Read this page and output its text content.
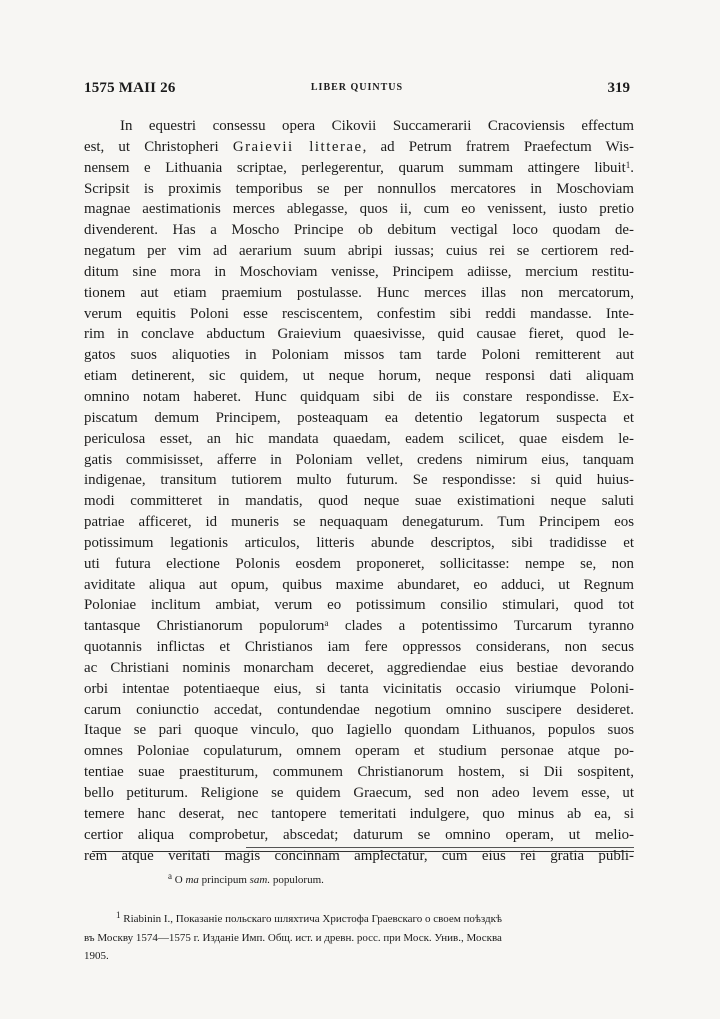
1575 MAII 26	LIBER QUINTUS	319
In equestri consessu opera Cikovii Succamerarii Cracoviensis effectum
est, ut Christopheri Graievii litterae, ad Petrum fratrem Praefectum Wis-
nensem e Lithuania scriptae, perlegerentur, quarum summam attingere libuit$^1$.
Scripsit is proximis temporibus se per nonnullos mercatores in Moschoviam
magnae aestimationis merces ablegasse, quos ii, cum eo venissent, iusto pretio
divenderent. Has a Moscho Principe ob debitum vectigal loco quodam de-
negatum per vim ad aerarium suum abripi iussas; cuius rei se certiorem red-
ditum sine mora in Moschoviam venisse, Principem adiisse, mercium restitu-
tionem aut etiam praemium postulasse. Hunc merces illas non mercatorum,
verum equitis Poloni esse resciscentem, confestim sibi reddi mandasse. Inte-
rim in conclave abductum Graievium quaesivisse, quid causae fieret, quod le-
gatos suos aliquoties in Poloniam missos tam tarde Poloni remitterent aut
etiam detinerent, sic quidem, ut neque horum, neque responsi dati aliquam
omnino notam haberet. Hunc quidquam sibi de iis constare respondisse. Ex-
piscatum demum Principem, posteaquam ea detentio legatorum suspecta et
periculosa esset, an hic mandata quaedam, eadem scilicet, quae eisdem le-
gatis commisisset, afferre in Poloniam vellet, credens nimirum eius, tanquam
indigenae, transitum tutiorem multo futurum. Se respondisse: si quid huius-
modi committeret in mandatis, quod neque suae existimationi neque saluti
patriae afficeret, id muneris se nequaquam denegaturum. Tum Principem eos
potissimum legationis articulos, litteris abunde descriptos, sibi tradidisse et
uti futura electione Polonis eosdem proponeret, sollicitasse: nempe se, non
aviditate aliqua aut opum, quibus maxime abundaret, eo adduci, ut Regnum
Poloniae inclitum ambiat, verum eo potissimum consilio stimulari, quod tot
tantasque Christianorum populorum$^a$ clades a potentissimo Turcarum tyranno
quotannis inflictas et Christianos iam fere oppressos considerans, non secus
ac Christiani nominis monarcham deceret, aggrediendae eius bestiae devorando
orbi intentae potentiaeque eius, si tanta vicinitatis occasio viriumque Poloni-
carum coniunctio accedat, contundendae negotium omnino suscipere desideret.
Itaque se pari quoque vinculo, quo Iagiello quondam Lithuanos, populos suos
omnes Poloniae copulaturum, omnem operam et studium personae atque po-
tentiae suae praestiturum, communem Christianorum hostem, si Dii sospitent,
bello petiturum. Religione se quidem Graecum, sed non adeo levem esse, ut
temere hanc deserat, nec tantopere temeritati indulgere, quo minus ab ea, si
certior aliqua comprobetur, abscedat; daturum se omnino operam, ut melio-
rem atque veritati magis concinnam amplectatur, cum eius rei gratia publi-
$^a$ O ma principum sam. populorum.
$^1$ Riabinin I., Показаніе польскаго шляхтича Христофа Граевскаго о своем поѣздкѣ
въ Москву 1574—1575 г. Изданіе Имп. Общ. ист. и древн. росс. при Моск. Унив., Москва
1905.
